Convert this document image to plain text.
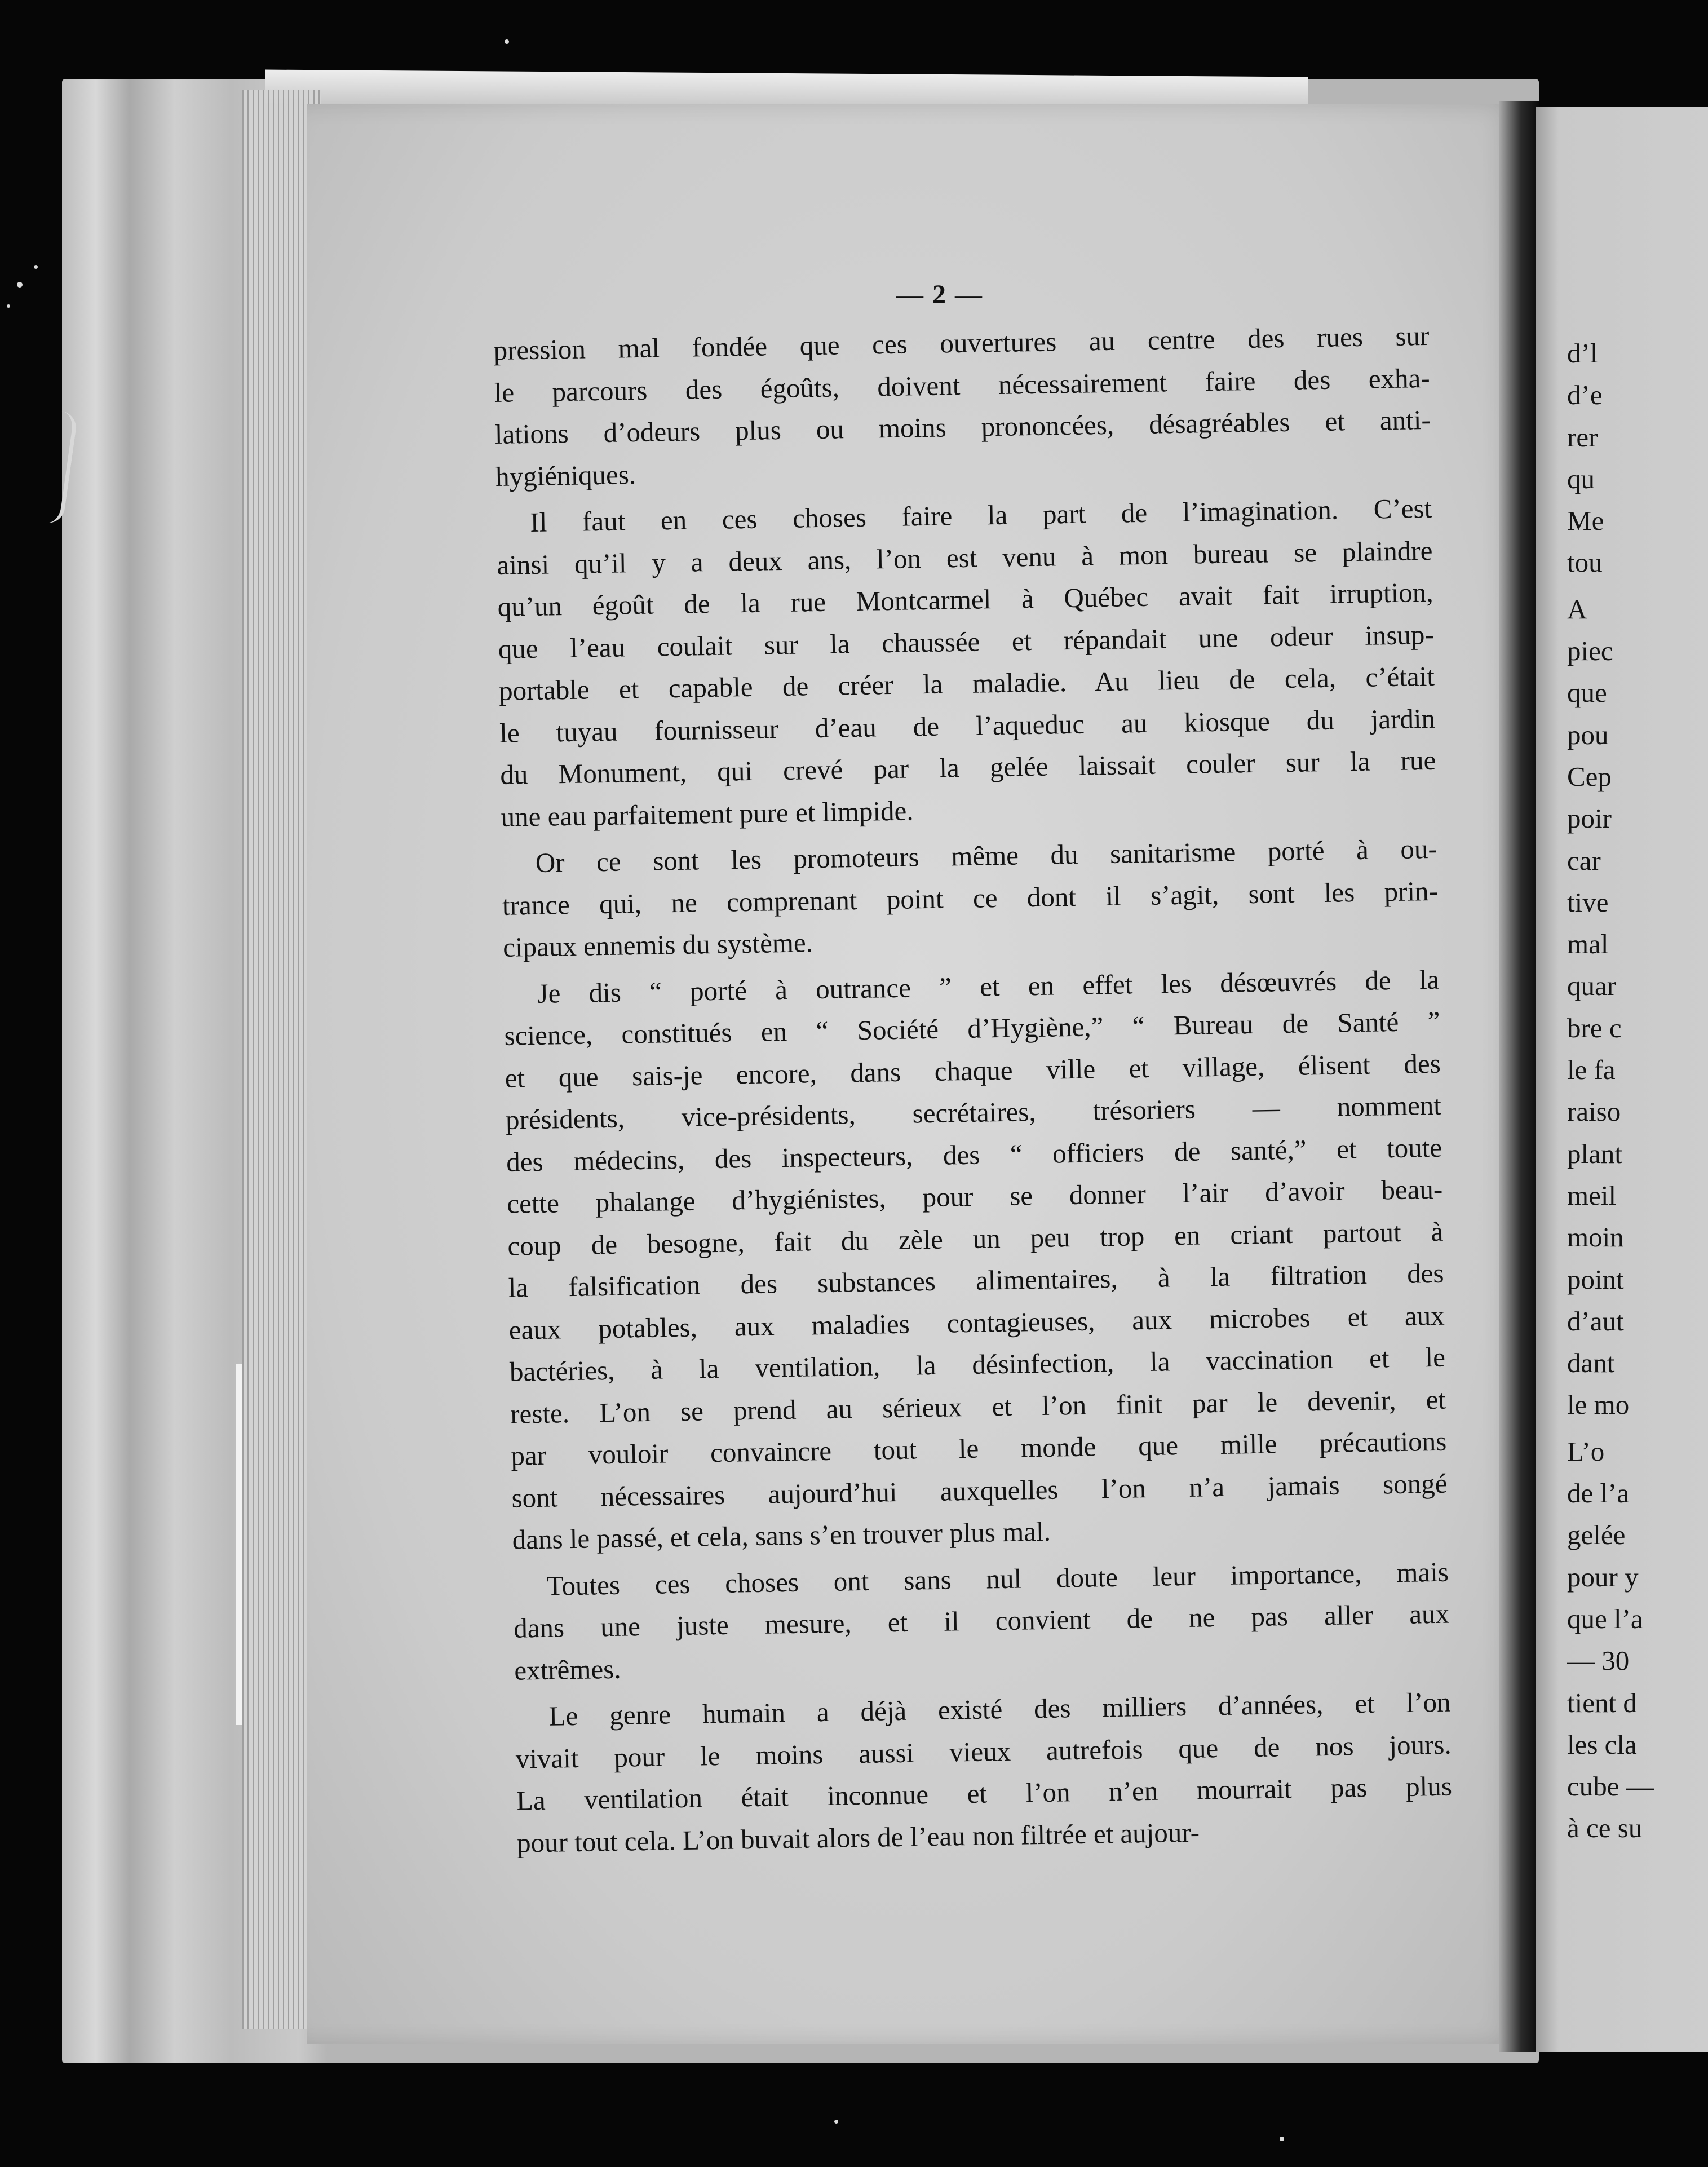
— 2 —

pression mal fondée que ces ouvertures au centre des rues sur
le parcours des égoûts, doivent nécessairement faire des exha-
lations d’odeurs plus ou moins prononcées, désagréables et anti-
hygiéniques.

Il faut en ces choses faire la part de l’imagination. C’est
ainsi qu’il y a deux ans, l’on est venu à mon bureau se plaindre
qu’un égoût de la rue Montcarmel à Québec avait fait irruption,
que l’eau coulait sur la chaussée et répandait une odeur insup-
portable et capable de créer la maladie. Au lieu de cela, c’était
le tuyau fournisseur d’eau de l’aqueduc au kiosque du jardin
du Monument, qui crevé par la gelée laissait couler sur la rue
une eau parfaitement pure et limpide.

Or ce sont les promoteurs même du sanitarisme porté à ou-
trance qui, ne comprenant point ce dont il s’agit, sont les prin-
cipaux ennemis du système.

Je dis “ porté à outrance ” et en effet les désœuvrés de la
science, constitués en “ Société d’Hygiène,” “ Bureau de Santé ”
et que sais-je encore, dans chaque ville et village, élisent des
présidents, vice-présidents, secrétaires, trésoriers — nomment
des médecins, des inspecteurs, des “ officiers de santé,” et toute
cette phalange d’hygiénistes, pour se donner l’air d’avoir beau-
coup de besogne, fait du zèle un peu trop en criant partout à
la falsification des substances alimentaires, à la filtration des
eaux potables, aux maladies contagieuses, aux microbes et aux
bactéries, à la ventilation, la désinfection, la vaccination et le
reste. L’on se prend au sérieux et l’on finit par le devenir, et
par vouloir convaincre tout le monde que mille précautions
sont nécessaires aujourd’hui auxquelles l’on n’a jamais songé
dans le passé, et cela, sans s’en trouver plus mal.

Toutes ces choses ont sans nul doute leur importance, mais
dans une juste mesure, et il convient de ne pas aller aux
extrêmes.

Le genre humain a déjà existé des milliers d’années, et l’on
vivait pour le moins aussi vieux autrefois que de nos jours.
La ventilation était inconnue et l’on n’en mourrait pas plus
pour tout cela. L’on buvait alors de l’eau non filtrée et aujour-

d’l
d’e
rer
qu
Me
tou
A
piec
que
pou
Cep
poir
car
tive
mal
quar
bre c
le fa
raiso
plant
meil
moin
point
d’aut
dant
le mo
L’o
de l’a
gelée
pour y
que l’a
— 30
tient d
les cla
cube —
à ce su
